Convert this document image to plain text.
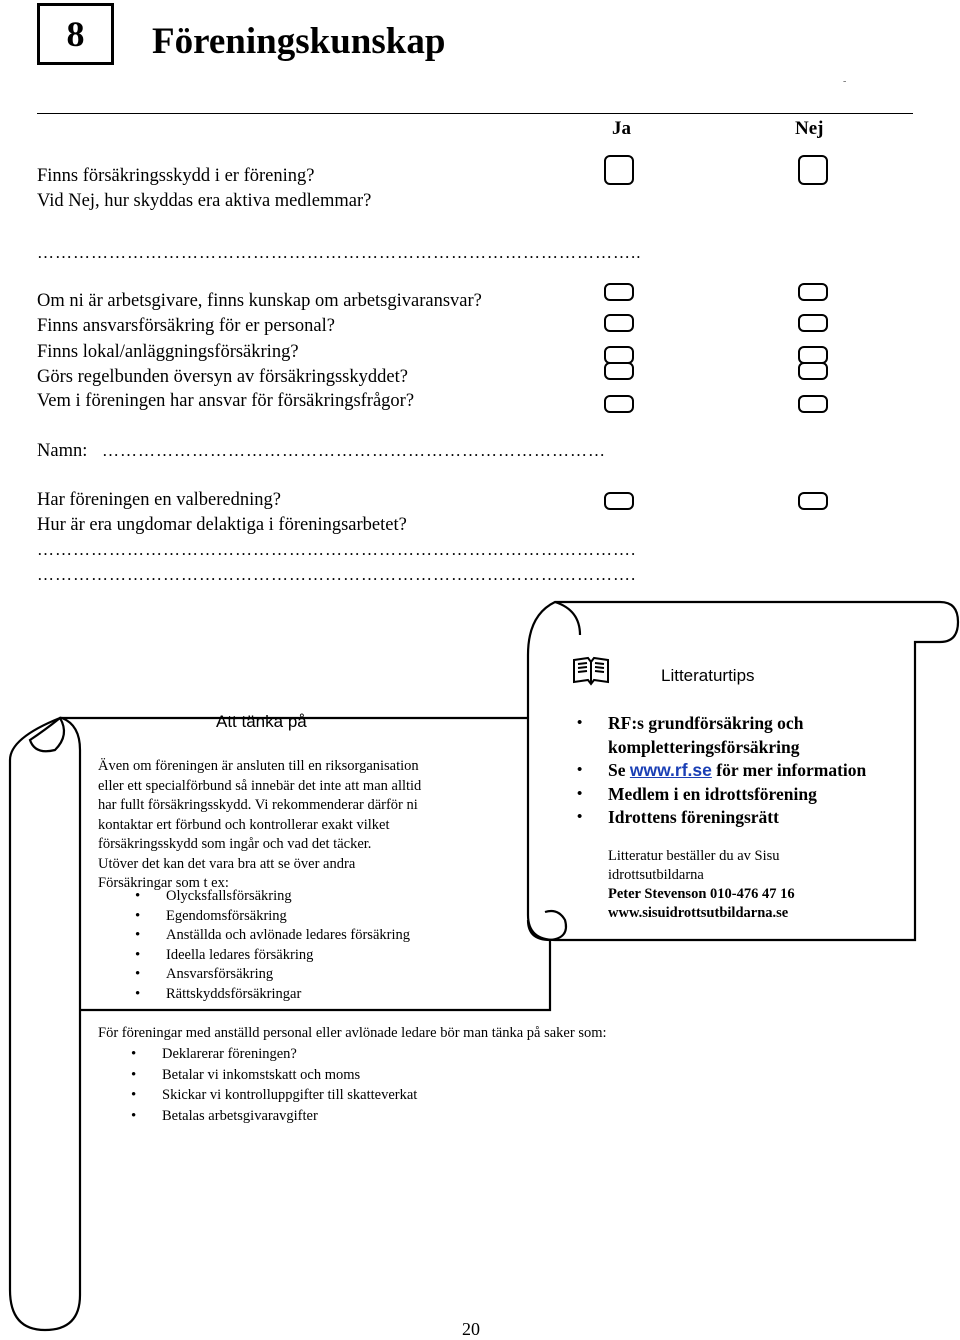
8	Föreningskunskap
-
Ja	Nej
Finns försäkringsskydd i er förening?
Vid Nej, hur skyddas era aktiva medlemmar?
………………………………………………………………………………………..
Om ni är arbetsgivare, finns kunskap om arbetsgivaransvar?
Finns ansvarsförsäkring för er personal?
Finns lokal/anläggningsförsäkring?
Görs regelbunden översyn av försäkringsskyddet?
Vem i föreningen har ansvar för försäkringsfrågor?
Namn: …………………………………………………………………………
Har föreningen en valberedning?
Hur är era ungdomar delaktiga i föreningsarbetet?
……………………………………………………………………………………….
……………………………………………………………………………………….
Litteraturtips
• RF:s grundförsäkring och
kompletteringsförsäkring
• Se www.rf.se för mer information
• Medlem i en idrottsförening
• Idrottens föreningsrätt
Litteratur beställer du av Sisu
idrottsutbildarna
Peter Stevenson 010-476 47 16
www.sisuidrottsutbildarna.se
Att tänka på
Även om föreningen är ansluten till en riksorganisation
eller ett specialförbund så innebär det inte att man alltid
har fullt försäkringsskydd. Vi rekommenderar därför ni
kontaktar ert förbund och kontrollerar exakt vilket
försäkringsskydd som ingår och vad det täcker.
Utöver det kan det vara bra att se över andra
Försäkringar som t ex:
• Olycksfallsförsäkring
• Egendomsförsäkring
• Anställda och avlönade ledares försäkring
• Ideella ledares försäkring
• Ansvarsförsäkring
• Rättskyddsförsäkringar
För föreningar med anställd personal eller avlönade ledare bör man tänka på saker som:
• Deklarerar föreningen?
• Betalar vi inkomstskatt och moms
• Skickar vi kontrolluppgifter till skatteverkat
• Betalas arbetsgivaravgifter
20
